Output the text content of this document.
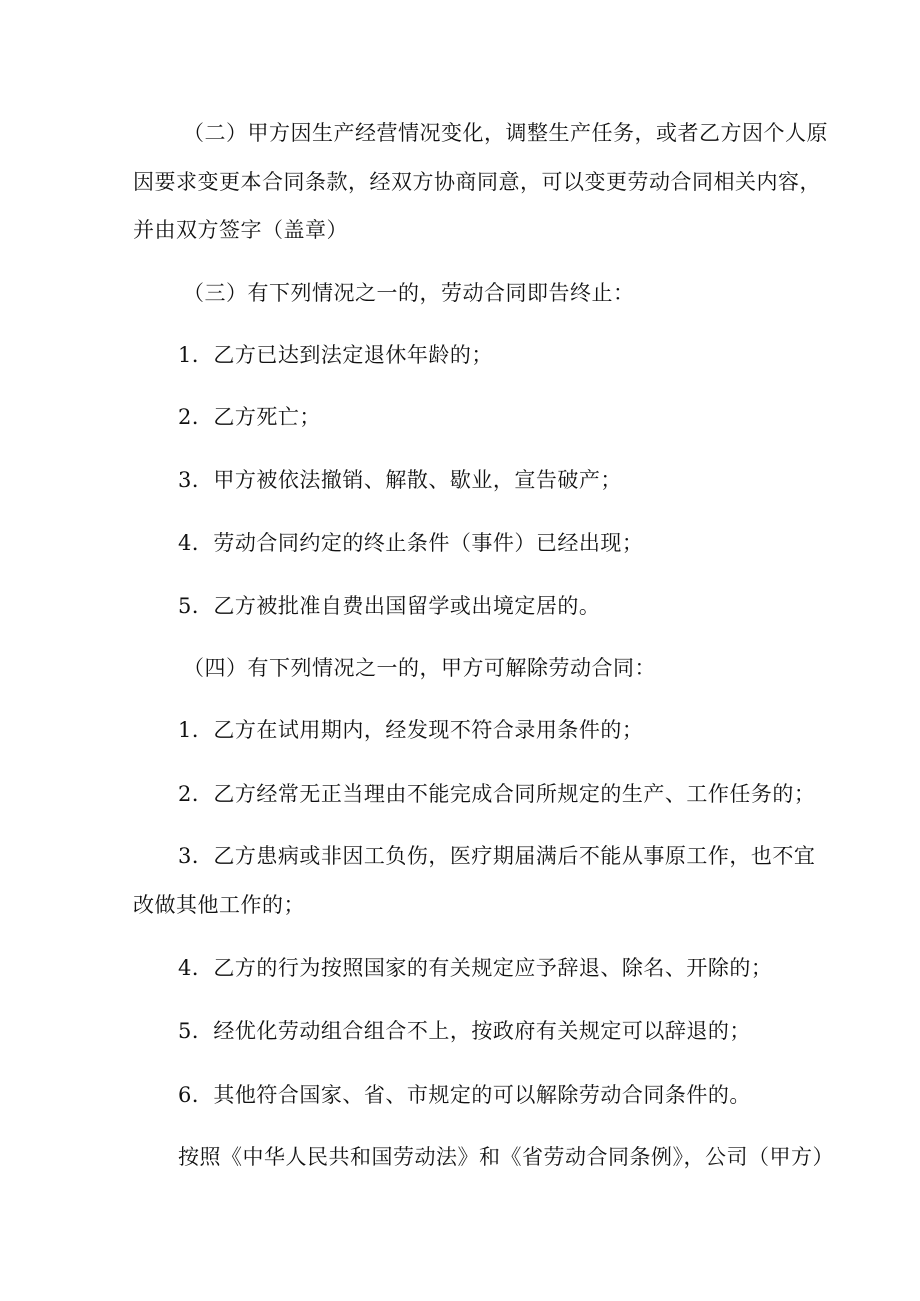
（二）甲方因生产经营情况变化，调整生产任务，或者乙方因个人原

因要求变更本合同条款，经双方协商同意，可以变更劳动合同相关内容，

并由双方签字（盖章）

（三）有下列情况之一的，劳动合同即告终止：

1．乙方已达到法定退休年龄的；

2．乙方死亡；

3．甲方被依法撤销、解散、歇业，宣告破产；

4．劳动合同约定的终止条件（事件）已经出现；

5．乙方被批准自费出国留学或出境定居的。

（四）有下列情况之一的，甲方可解除劳动合同：

1．乙方在试用期内，经发现不符合录用条件的；

2．乙方经常无正当理由不能完成合同所规定的生产、工作任务的；

3．乙方患病或非因工负伤，医疗期届满后不能从事原工作，也不宜

改做其他工作的；

4．乙方的行为按照国家的有关规定应予辞退、除名、开除的；

5．经优化劳动组合组合不上，按政府有关规定可以辞退的；

6．其他符合国家、省、市规定的可以解除劳动合同条件的。

按照《中华人民共和国劳动法》和《省劳动合同条例》，公司（甲方）
